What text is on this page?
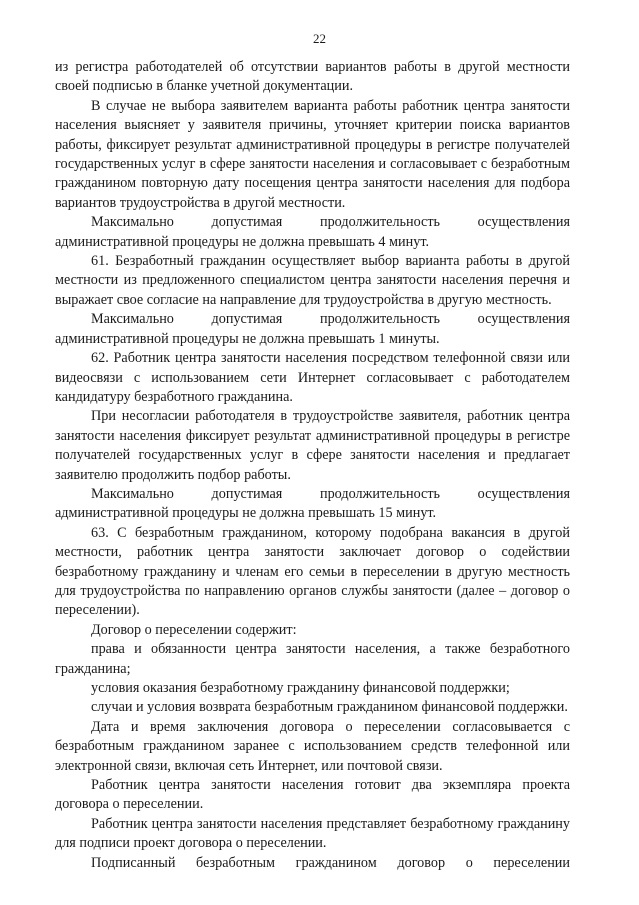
22

из регистра работодателей об отсутствии вариантов работы в другой местности своей подписью в бланке учетной документации.

В случае не выбора заявителем варианта работы работник центра занятости населения выясняет у заявителя причины, уточняет критерии поиска вариантов работы, фиксирует результат административной процедуры в регистре получателей государственных услуг в сфере занятости населения и согласовывает с безработным гражданином повторную дату посещения центра занятости населения для подбора вариантов трудоустройства в другой местности.

Максимально допустимая продолжительность осуществления административной процедуры не должна превышать 4 минут.

61. Безработный гражданин осуществляет выбор варианта работы в другой местности из предложенного специалистом центра занятости населения перечня и выражает свое согласие на направление для трудоустройства в другую местность.

Максимально допустимая продолжительность осуществления административной процедуры не должна превышать 1 минуты.

62. Работник центра занятости населения посредством телефонной связи или видеосвязи с использованием сети Интернет согласовывает с работодателем кандидатуру безработного гражданина.

При несогласии работодателя в трудоустройстве заявителя, работник центра занятости населения фиксирует результат административной процедуры в регистре получателей государственных услуг в сфере занятости населения и предлагает заявителю продолжить подбор работы.

Максимально допустимая продолжительность осуществления административной процедуры не должна превышать 15 минут.

63. С безработным гражданином, которому подобрана вакансия в другой местности, работник центра занятости заключает договор о содействии безработному гражданину и членам его семьи в переселении в другую местность для трудоустройства по направлению органов службы занятости (далее – договор о переселении).

Договор о переселении содержит:

права и обязанности центра занятости населения, а также безработного гражданина;

условия оказания безработному гражданину финансовой поддержки;

случаи и условия возврата безработным гражданином финансовой поддержки.

Дата и время заключения договора о переселении согласовывается с безработным гражданином заранее с использованием средств телефонной или электронной связи, включая сеть Интернет, или почтовой связи.

Работник центра занятости населения готовит два экземпляра проекта договора о переселении.

Работник центра занятости населения представляет безработному гражданину для подписи проект договора о переселении.

Подписанный безработным гражданином договор о переселении
